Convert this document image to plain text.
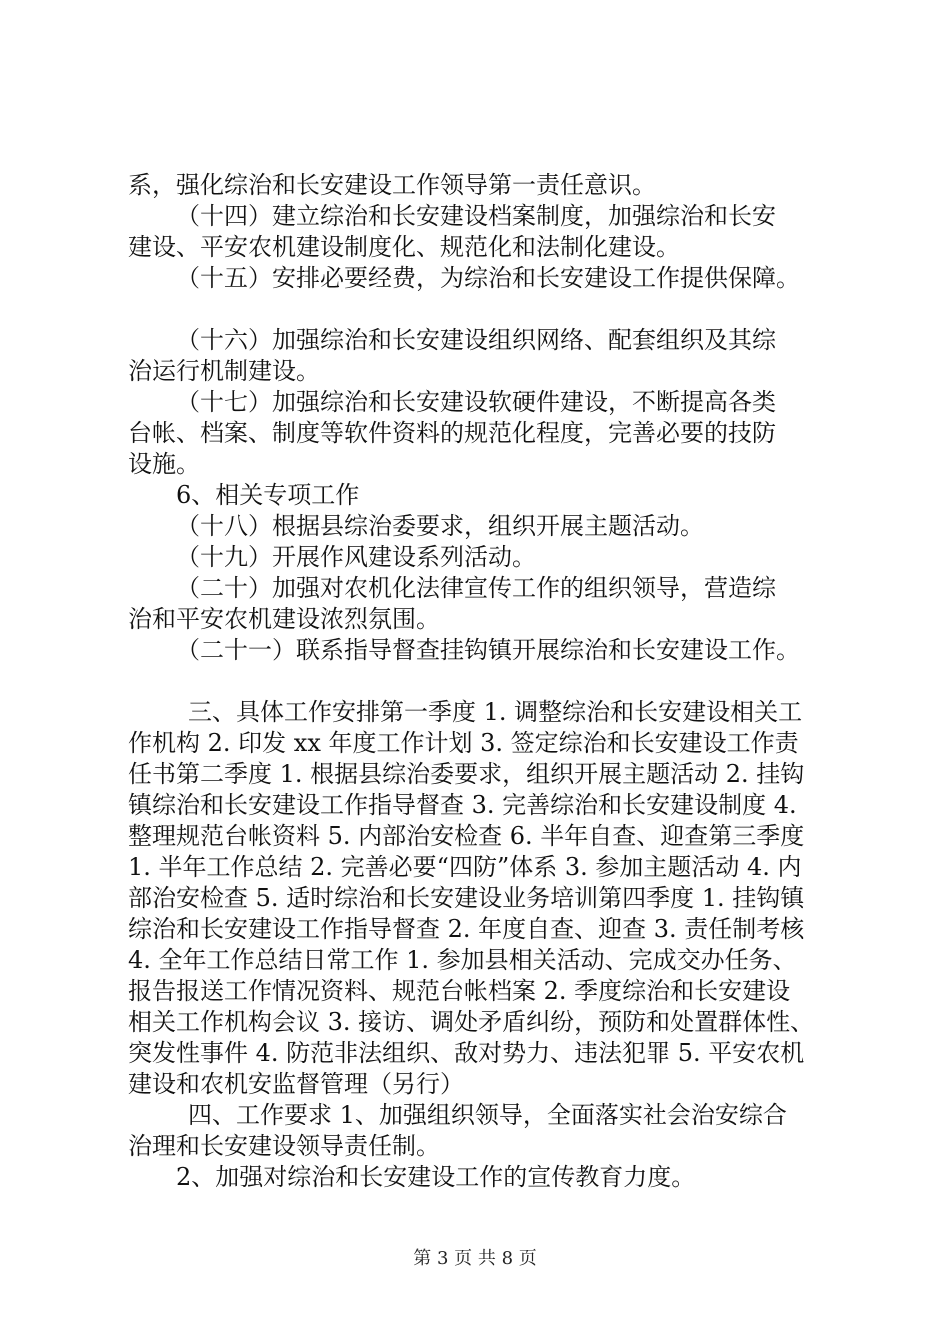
系，强化综治和长安建设工作领导第一责任意识。
（十四）建立综治和长安建设档案制度，加强综治和长安
建设、平安农机建设制度化、规范化和法制化建设。
（十五）安排必要经费，为综治和长安建设工作提供保障。
（十六）加强综治和长安建设组织网络、配套组织及其综
治运行机制建设。
（十七）加强综治和长安建设软硬件建设，不断提高各类
台帐、档案、制度等软件资料的规范化程度，完善必要的技防
设施。
6、相关专项工作
（十八）根据县综治委要求，组织开展主题活动。
（十九）开展作风建设系列活动。
（二十）加强对农机化法律宣传工作的组织领导，营造综
治和平安农机建设浓烈氛围。
（二十一）联系指导督查挂钩镇开展综治和长安建设工作。
三、具体工作安排第一季度 1. 调整综治和长安建设相关工
作机构 2. 印发 xx 年度工作计划 3. 签定综治和长安建设工作责
任书第二季度 1. 根据县综治委要求，组织开展主题活动 2. 挂钩
镇综治和长安建设工作指导督查 3. 完善综治和长安建设制度 4.
整理规范台帐资料 5. 内部治安检查 6. 半年自查、迎查第三季度
1. 半年工作总结 2. 完善必要“四防”体系 3. 参加主题活动 4. 内
部治安检查 5. 适时综治和长安建设业务培训第四季度 1. 挂钩镇
综治和长安建设工作指导督查 2. 年度自查、迎查 3. 责任制考核
4. 全年工作总结日常工作 1. 参加县相关活动、完成交办任务、
报告报送工作情况资料、规范台帐档案 2. 季度综治和长安建设
相关工作机构会议 3. 接访、调处矛盾纠纷，预防和处置群体性、
突发性事件 4. 防范非法组织、敌对势力、违法犯罪 5. 平安农机
建设和农机安监督管理（另行）
四、工作要求 1、加强组织领导，全面落实社会治安综合
治理和长安建设领导责任制。
2、加强对综治和长安建设工作的宣传教育力度。
第 3 页 共 8 页
